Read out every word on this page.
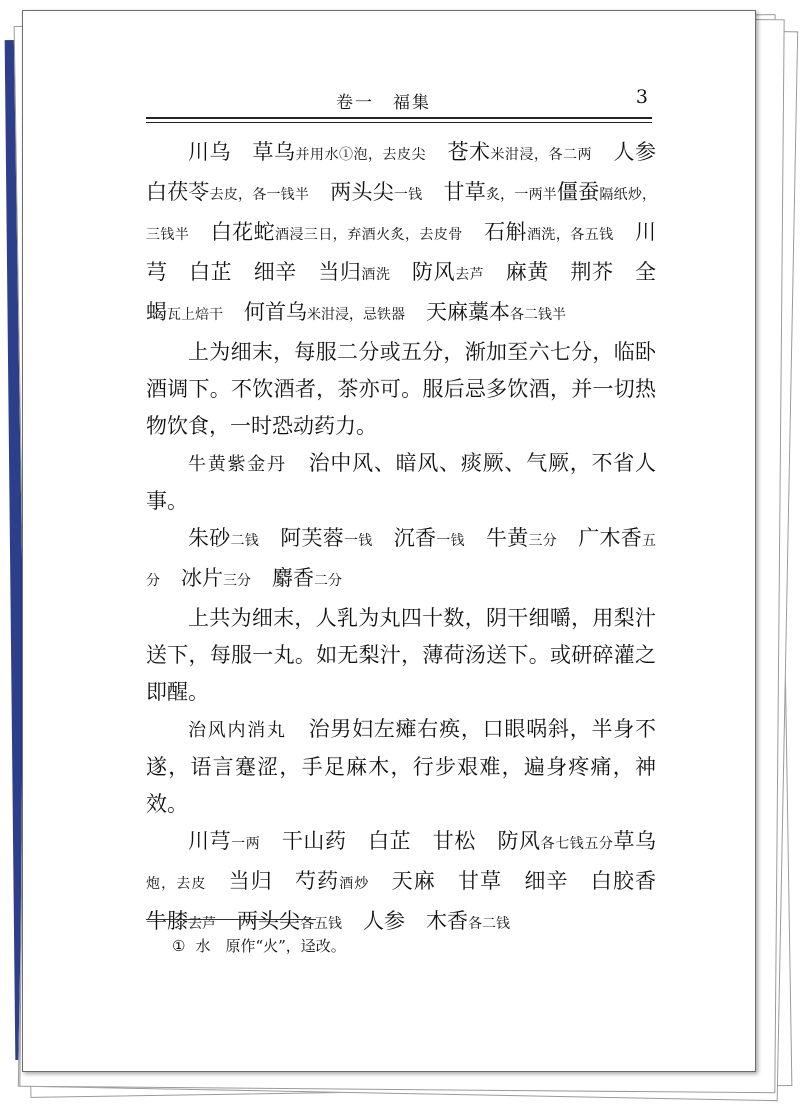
卷一　福集	3

川乌　草乌并用水①泡，去皮尖　苍术米泔浸，各二两　人参　白茯苓去皮，各一钱半　两头尖一钱　甘草炙，一两半僵蚕隔纸炒，三钱半　白花蛇酒浸三日，弃酒火炙，去皮骨　石斛酒洗，各五钱　川芎　白芷　细辛　当归酒洗　防风去芦　麻黄　荆芥　全蝎瓦上焙干　何首乌米泔浸，忌铁器　天麻藁本各二钱半

上为细末，每服二分或五分，渐加至六七分，临卧酒调下。不饮酒者，茶亦可。服后忌多饮酒，并一切热物饮食，一时恐动药力。

牛黄紫金丹　治中风、暗风、痰厥、气厥，不省人事。

朱砂二钱　阿芙蓉一钱　沉香一钱　牛黄三分　广木香五分　冰片三分　麝香二分

上共为细末，人乳为丸四十数，阴干细嚼，用梨汁送下，每服一丸。如无梨汁，薄荷汤送下。或研碎灌之即醒。

治风内消丸　治男妇左瘫右痪，口眼㖞斜，半身不遂，语言蹇涩，手足麻木，行步艰难，遍身疼痛，神效。

川芎一两　干山药　白芷　甘松　防风各七钱五分草乌炮，去皮　当归　芍药酒炒　天麻　甘草　细辛　白胶香　牛膝去芦　两头尖各五钱　人参　木香各二钱

① 水　原作“火”，迳改。
